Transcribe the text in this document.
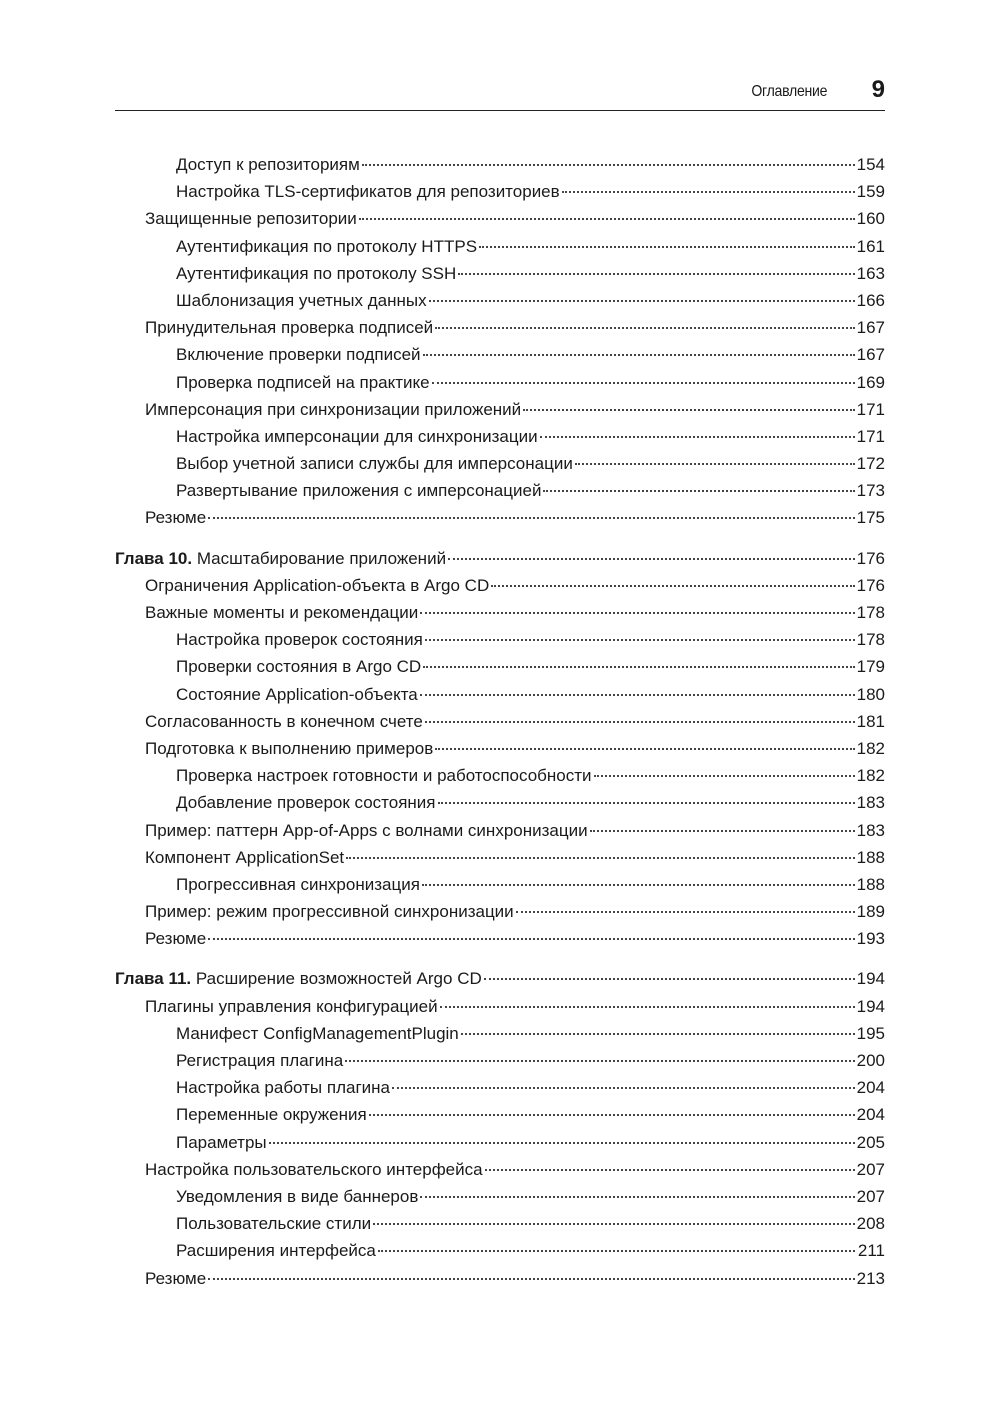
Оглавление 9
Доступ к репозиториям	154
Настройка TLS-сертификатов для репозиториев	159
Защищенные репозитории	160
Аутентификация по протоколу HTTPS	161
Аутентификация по протоколу SSH	163
Шаблонизация учетных данных	166
Принудительная проверка подписей	167
Включение проверки подписей	167
Проверка подписей на практике	169
Имперсонация при синхронизации приложений	171
Настройка имперсонации для синхронизации	171
Выбор учетной записи службы для имперсонации	172
Развертывание приложения с имперсонацией	173
Резюме	175
Глава 10. Масштабирование приложений	176
Ограничения Application-объекта в Argo CD	176
Важные моменты и рекомендации	178
Настройка проверок состояния	178
Проверки состояния в Argo CD	179
Состояние Application-объекта	180
Согласованность в конечном счете	181
Подготовка к выполнению примеров	182
Проверка настроек готовности и работоспособности	182
Добавление проверок состояния	183
Пример: паттерн App-of-Apps с волнами синхронизации	183
Компонент ApplicationSet	188
Прогрессивная синхронизация	188
Пример: режим прогрессивной синхронизации	189
Резюме	193
Глава 11. Расширение возможностей Argo CD	194
Плагины управления конфигурацией	194
Манифест ConfigManagementPlugin	195
Регистрация плагина	200
Настройка работы плагина	204
Переменные окружения	204
Параметры	205
Настройка пользовательского интерфейса	207
Уведомления в виде баннеров	207
Пользовательские стили	208
Расширения интерфейса	211
Резюме	213
